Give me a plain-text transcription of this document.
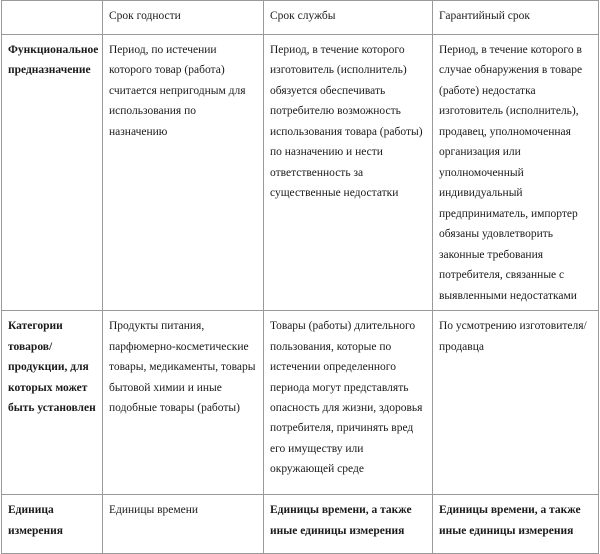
	Срок годности	Срок службы	Гарантийный срок
Функциональное предназначение	Период, по истечении которого товар (работа) считается непригодным для использования по назначению	Период, в течение которого изготовитель (исполнитель) обязуется обеспечивать потребителю возможность использования товара (работы) по назначению и нести ответственность за существенные недостатки	Период, в течение которого в случае обнаружения в товаре (работе) недостатка изготовитель (исполнитель), продавец, уполномоченная организация или уполномоченный индивидуальный предприниматель, импортер обязаны удовлетворить законные требования потребителя, связанные с выявленными недостатками
Категории товаров/ продукции, для которых может быть установлен	Продукты питания, парфюмерно-косметические товары, медикаменты, товары бытовой химии и иные подобные товары (работы)	Товары (работы) длительного пользования, которые по истечении определенного периода могут представлять опасность для жизни, здоровья потребителя, причинять вред его имуществу или окружающей среде	По усмотрению изготовителя/ продавца
Единица измерения	Единицы времени	Единицы времени, а также иные единицы измерения	Единицы времени, а также иные единицы измерения
